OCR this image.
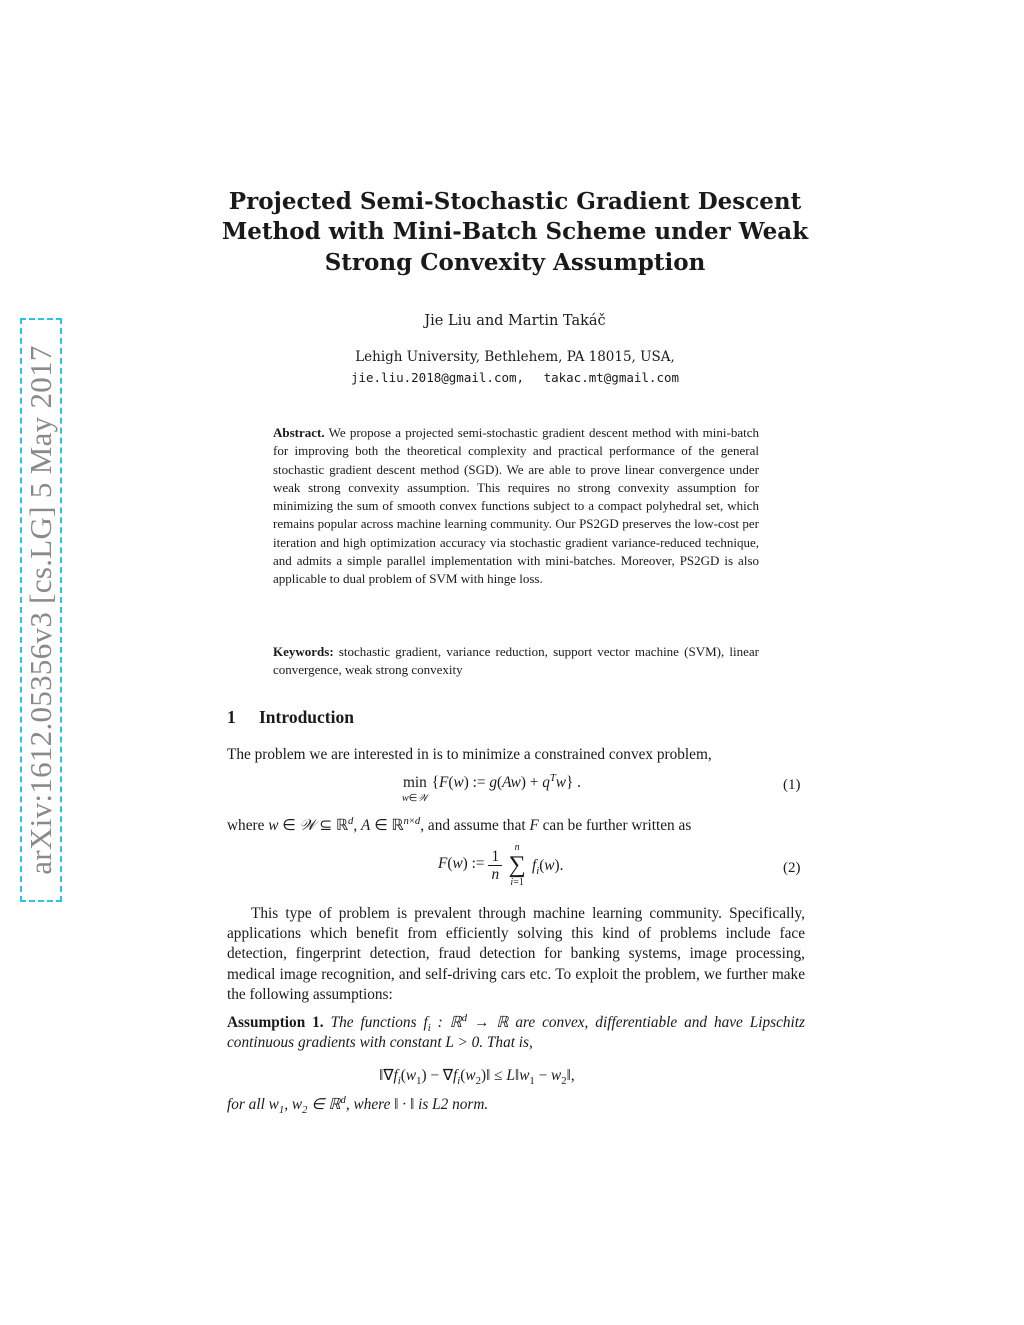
arXiv:1612.05356v3 [cs.LG] 5 May 2017
Projected Semi-Stochastic Gradient Descent
Method with Mini-Batch Scheme under Weak
Strong Convexity Assumption
Jie Liu and Martin Takáč
Lehigh University, Bethlehem, PA 18015, USA,
jie.liu.2018@gmail.com, takac.mt@gmail.com
Abstract. We propose a projected semi-stochastic gradient descent method with mini-batch for improving both the theoretical complexity and practical performance of the general stochastic gradient descent method (SGD). We are able to prove linear convergence under weak strong convexity assumption. This requires no strong convexity assumption for minimizing the sum of smooth convex functions subject to a compact polyhedral set, which remains popular across machine learning community. Our PS2GD preserves the low-cost per iteration and high optimization accuracy via stochastic gradient variance-reduced technique, and admits a simple parallel implementation with mini-batches. Moreover, PS2GD is also applicable to dual problem of SVM with hinge loss.
Keywords: stochastic gradient, variance reduction, support vector machine (SVM), linear convergence, weak strong convexity
1 Introduction
The problem we are interested in is to minimize a constrained convex problem,
min
$^{w\in 𝒲}$ {F(w) := $g(Aw) + q^Tw$} .	(1)
where w ∈ 𝒲 ⊆ ℝ$^d$, A ∈ ℝ$^{n\times d}$, and assume that F can be further written as
F(w) := $\frac{1}{n}$

n
∑
i=1
$f_i(w)$.	(2)
This type of problem is prevalent through machine learning community. Specifically, applications which benefit from efficiently solving this kind of problems include face detection, fingerprint detection, fraud detection for banking systems, image processing, medical image recognition, and self-driving cars etc. To exploit the problem, we further make the following assumptions:
Assumption 1. The functions $f_i$ : ℝ$^d$ → ℝ are convex, differentiable and have Lipschitz continuous gradients with constant L > 0. That is,
$‖\nabla f_i(w_1)$ − $\nabla f_i(w_2)‖$ ≤ $L‖w_1$ − $w_2‖$,
for all $w_1$, $w_2$ ∈ ℝ$^d$, where ‖ · ‖ is L2 norm.
